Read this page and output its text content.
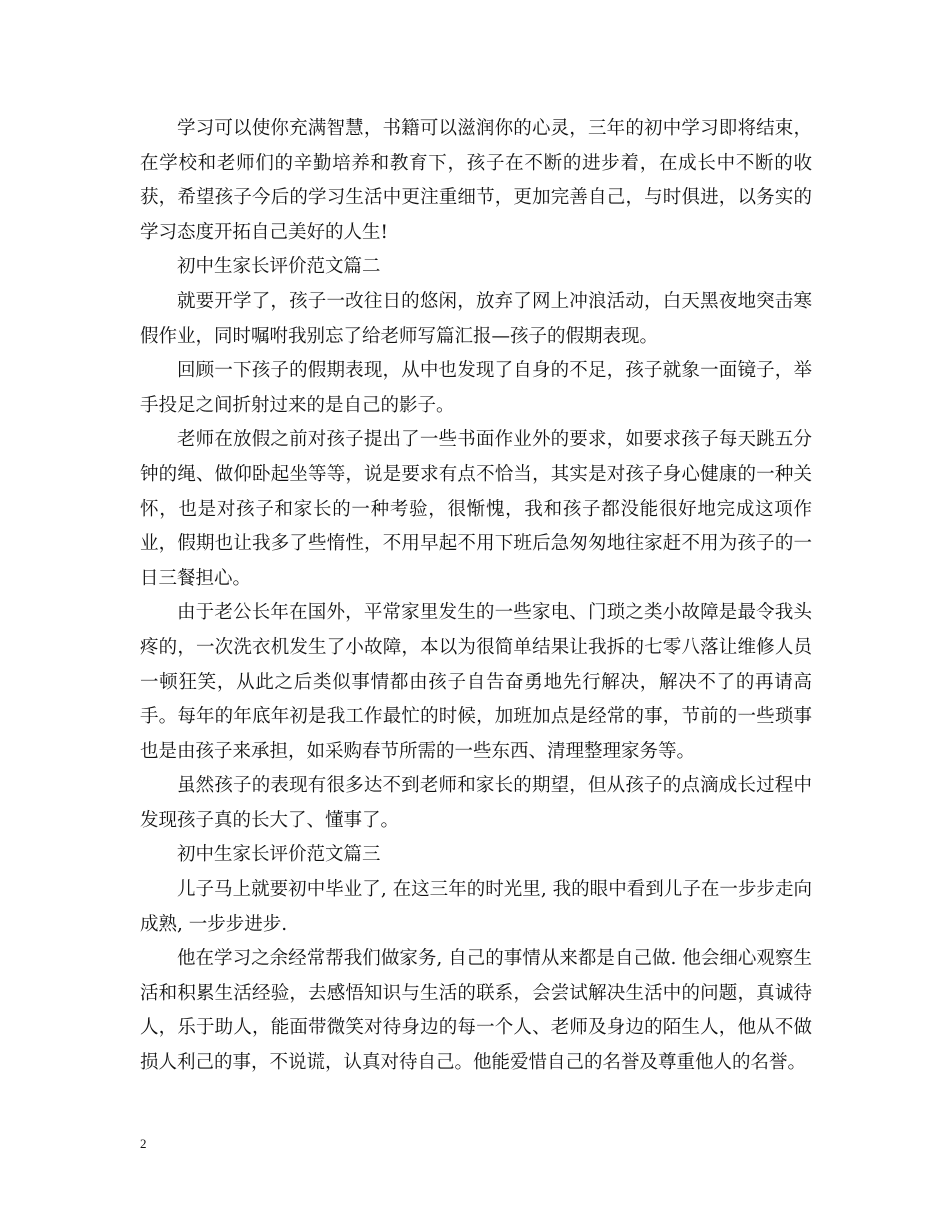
学习可以使你充满智慧，书籍可以滋润你的心灵，三年的初中学习即将结束，在学校和老师们的辛勤培养和教育下，孩子在不断的进步着，在成长中不断的收获，希望孩子今后的学习生活中更注重细节，更加完善自己，与时俱进，以务实的学习态度开拓自己美好的人生!

初中生家长评价范文篇二

就要开学了，孩子一改往日的悠闲，放弃了网上冲浪活动，白天黑夜地突击寒假作业，同时嘱咐我别忘了给老师写篇汇报—孩子的假期表现。

回顾一下孩子的假期表现，从中也发现了自身的不足，孩子就象一面镜子，举手投足之间折射过来的是自己的影子。

老师在放假之前对孩子提出了一些书面作业外的要求，如要求孩子每天跳五分钟的绳、做仰卧起坐等等，说是要求有点不恰当，其实是对孩子身心健康的一种关怀，也是对孩子和家长的一种考验，很惭愧，我和孩子都没能很好地完成这项作业，假期也让我多了些惰性，不用早起不用下班后急匆匆地往家赶不用为孩子的一日三餐担心。

由于老公长年在国外，平常家里发生的一些家电、门琐之类小故障是最令我头疼的，一次洗衣机发生了小故障，本以为很简单结果让我拆的七零八落让维修人员一顿狂笑，从此之后类似事情都由孩子自告奋勇地先行解决，解决不了的再请高手。每年的年底年初是我工作最忙的时候，加班加点是经常的事，节前的一些琐事也是由孩子来承担，如采购春节所需的一些东西、清理整理家务等。

虽然孩子的表现有很多达不到老师和家长的期望，但从孩子的点滴成长过程中发现孩子真的长大了、懂事了。

初中生家长评价范文篇三

儿子马上就要初中毕业了, 在这三年的时光里, 我的眼中看到儿子在一步步走向成熟, 一步步进步.

他在学习之余经常帮我们做家务, 自己的事情从来都是自己做. 他会细心观察生活和积累生活经验，去感悟知识与生活的联系，会尝试解决生活中的问题，真诚待人，乐于助人，能面带微笑对待身边的每一个人、老师及身边的陌生人，他从不做损人利己的事，不说谎，认真对待自己。他能爱惜自己的名誉及尊重他人的名誉。

2
